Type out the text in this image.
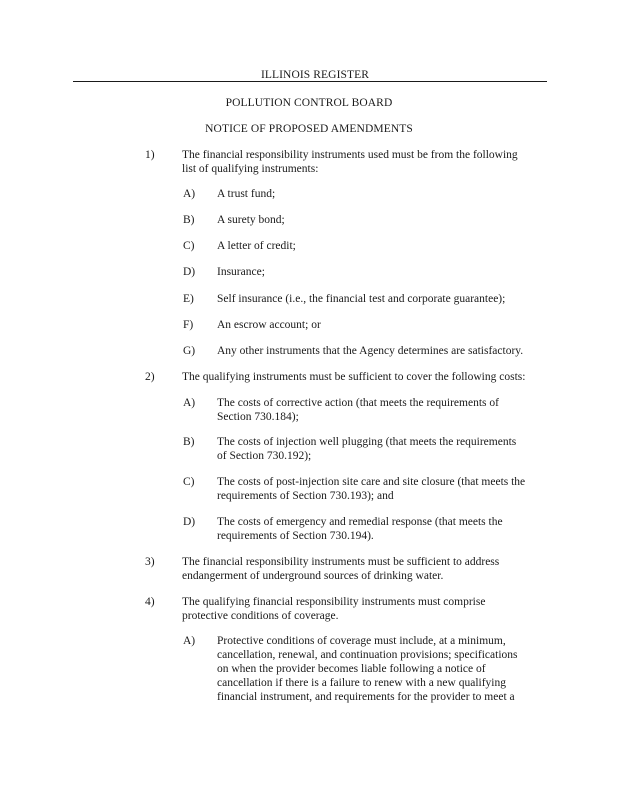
ILLINOIS REGISTER
POLLUTION CONTROL BOARD
NOTICE OF PROPOSED AMENDMENTS
1) The financial responsibility instruments used must be from the following
list of qualifying instruments:
A) A trust fund;
B) A surety bond;
C) A letter of credit;
D) Insurance;
E) Self insurance (i.e., the financial test and corporate guarantee);
F) An escrow account; or
G) Any other instruments that the Agency determines are satisfactory.
2) The qualifying instruments must be sufficient to cover the following costs:
A) The costs of corrective action (that meets the requirements of
Section 730.184);
B) The costs of injection well plugging (that meets the requirements
of Section 730.192);
C) The costs of post-injection site care and site closure (that meets the
requirements of Section 730.193); and
D) The costs of emergency and remedial response (that meets the
requirements of Section 730.194).
3) The financial responsibility instruments must be sufficient to address
endangerment of underground sources of drinking water.
4) The qualifying financial responsibility instruments must comprise
protective conditions of coverage.
A) Protective conditions of coverage must include, at a minimum,
cancellation, renewal, and continuation provisions; specifications
on when the provider becomes liable following a notice of
cancellation if there is a failure to renew with a new qualifying
financial instrument, and requirements for the provider to meet a
